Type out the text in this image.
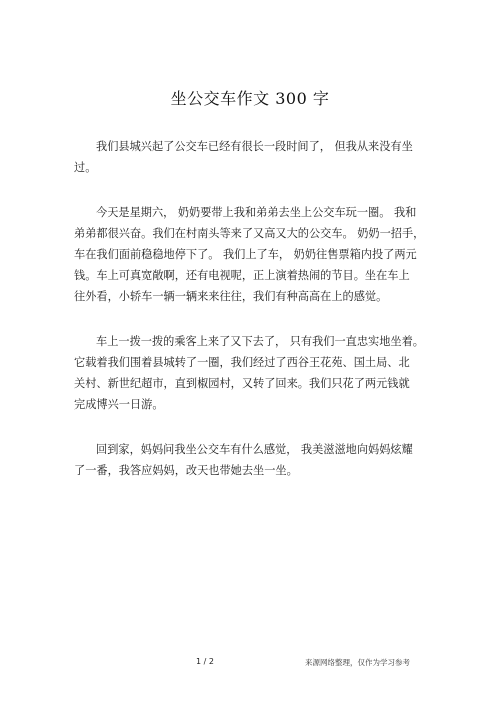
坐公交车作文 300 字
我们县城兴起了公交车已经有很长一段时间了， 但我从来没有坐
过。
今天是星期六， 奶奶要带上我和弟弟去坐上公交车玩一圈。 我和
弟弟都很兴奋。我们在村南头等来了又高又大的公交车。 奶奶一招手，
车在我们面前稳稳地停下了。 我们上了车， 奶奶往售票箱内投了两元
钱。车上可真宽敞啊，还有电视呢，正上演着热闹的节目。坐在车上
往外看，小轿车一辆一辆来来往往，我们有种高高在上的感觉。
车上一拨一拨的乘客上来了又下去了， 只有我们一直忠实地坐着。
它载着我们围着县城转了一圈，我们经过了西谷王花苑、国土局、北
关村、新世纪超市，直到椒园村，又转了回来。我们只花了两元钱就
完成博兴一日游。
回到家，妈妈问我坐公交车有什么感觉， 我美滋滋地向妈妈炫耀
了一番，我答应妈妈，改天也带她去坐一坐。
1 / 2	来源网络整理，仅作为学习参考
